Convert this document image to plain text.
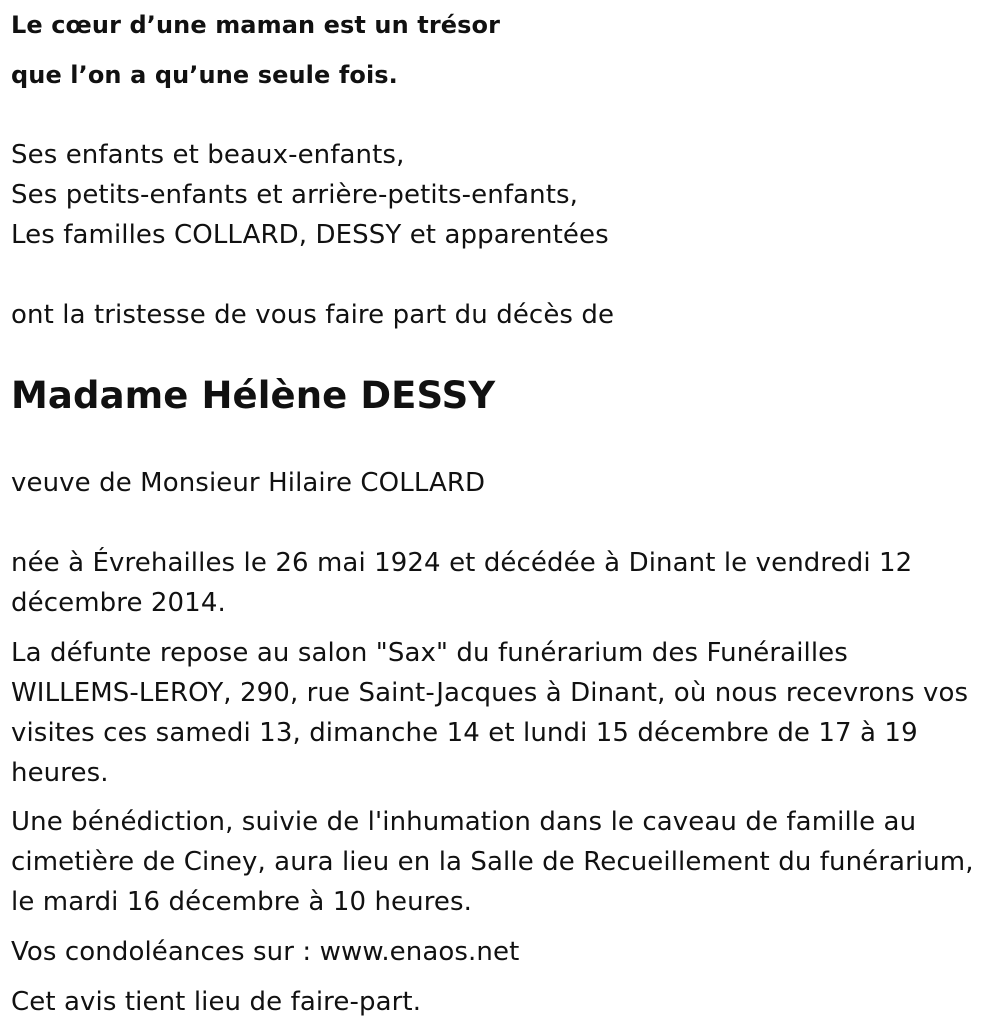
Le cœur d’une maman est un trésor
que l’on a qu’une seule fois.
Ses enfants et beaux-enfants,
Ses petits-enfants et arrière-petits-enfants,
Les familles COLLARD, DESSY et apparentées
ont la tristesse de vous faire part du décès de
Madame Hélène DESSY
veuve de Monsieur Hilaire COLLARD
née à Évrehailles le 26 mai 1924 et décédée à Dinant le vendredi 12
décembre 2014.
La défunte repose au salon "Sax" du funérarium des Funérailles
WILLEMS-LEROY, 290, rue Saint-Jacques à Dinant, où nous recevrons vos
visites ces samedi 13, dimanche 14 et lundi 15 décembre de 17 à 19
heures.
Une bénédiction, suivie de l'inhumation dans le caveau de famille au
cimetière de Ciney, aura lieu en la Salle de Recueillement du funérarium,
le mardi 16 décembre à 10 heures.
Vos condoléances sur : www.enaos.net
Cet avis tient lieu de faire-part.
